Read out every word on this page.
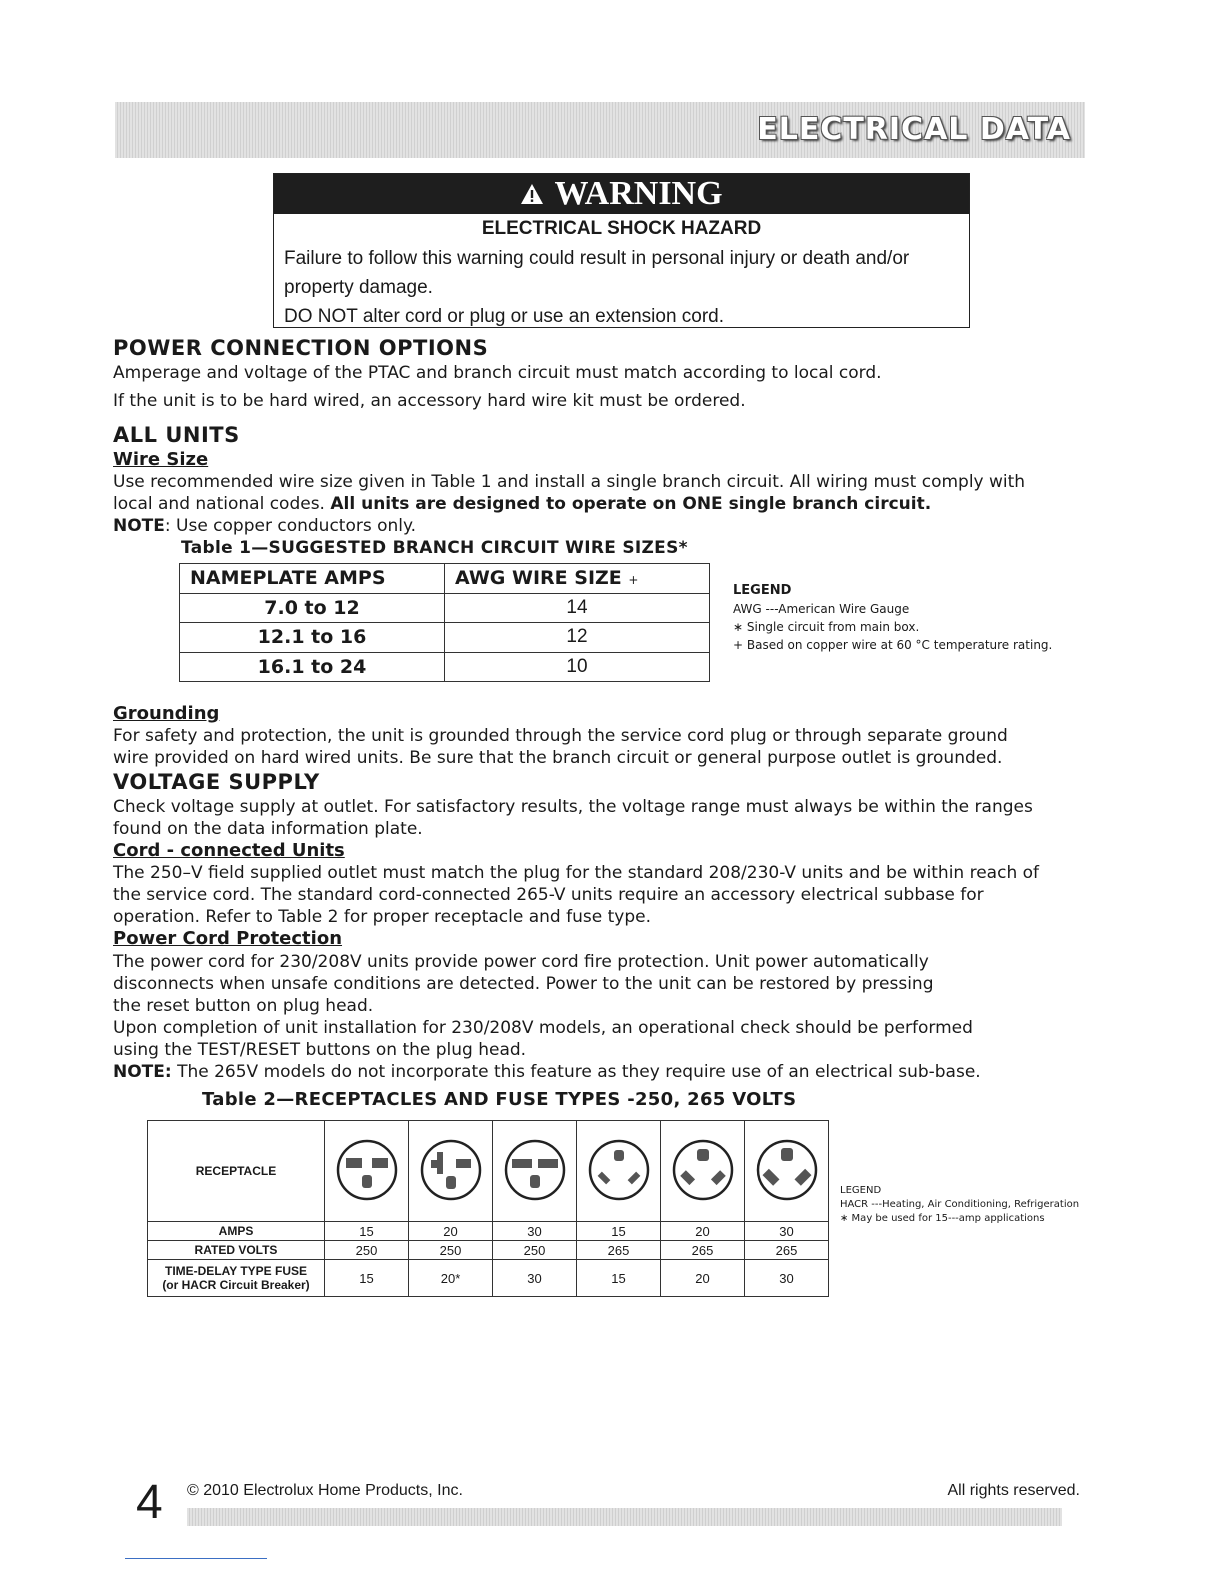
ELECTRICAL DATA
WARNING
ELECTRICAL SHOCK HAZARD
Failure to follow this warning could result in personal injury or death and/or
property damage.
DO NOT alter cord or plug or use an extension cord.
POWER CONNECTION OPTIONS
Amperage and voltage of the PTAC and branch circuit must match according to local cord.
If the unit is to be hard wired, an accessory hard wire kit must be ordered.
ALL UNITS
Wire Size
Use recommended wire size given in Table 1 and install a single branch circuit. All wiring must comply with
local and national codes. All units are designed to operate on ONE single branch circuit.
NOTE: Use copper conductors only.
Table 1—SUGGESTED BRANCH CIRCUIT WIRE SIZES*
NAMEPLATE AMPS	AWG WIRE SIZE +
7.0 to 12	14
12.1 to 16	12
16.1 to 24	10
LEGEND
AWG ---American Wire Gauge
∗ Single circuit from main box.
+ Based on copper wire at 60 °C temperature rating.
Grounding
For safety and protection, the unit is grounded through the service cord plug or through separate ground
wire provided on hard wired units. Be sure that the branch circuit or general purpose outlet is grounded.
VOLTAGE SUPPLY
Check voltage supply at outlet. For satisfactory results, the voltage range must always be within the ranges
found on the data information plate.
Cord - connected Units
The 250–V field supplied outlet must match the plug for the standard 208/230-V units and be within reach of
the service cord. The standard cord-connected 265-V units require an accessory electrical subbase for
operation. Refer to Table 2 for proper receptacle and fuse type.
Power Cord Protection
The power cord for 230/208V units provide power cord fire protection. Unit power automatically
disconnects when unsafe conditions are detected. Power to the unit can be restored by pressing
the reset button on plug head.
Upon completion of unit installation for 230/208V models, an operational check should be performed
using the TEST/RESET buttons on the plug head.
NOTE: The 265V models do not incorporate this feature as they require use of an electrical sub-base.
Table 2—RECEPTACLES AND FUSE TYPES -250, 265 VOLTS
RECEPTACLE						
AMPS	15	20	30	15	20	30
RATED VOLTS	250	250	250	265	265	265

TIME-DELAY TYPE FUSE
(or HACR Circuit Breaker)	15	20*	30	15	20	30
LEGEND
HACR ---Heating, Air Conditioning, Refrigeration
∗ May be used for 15---amp applications
4 © 2010 Electrolux Home Products, Inc.	All rights reserved.
